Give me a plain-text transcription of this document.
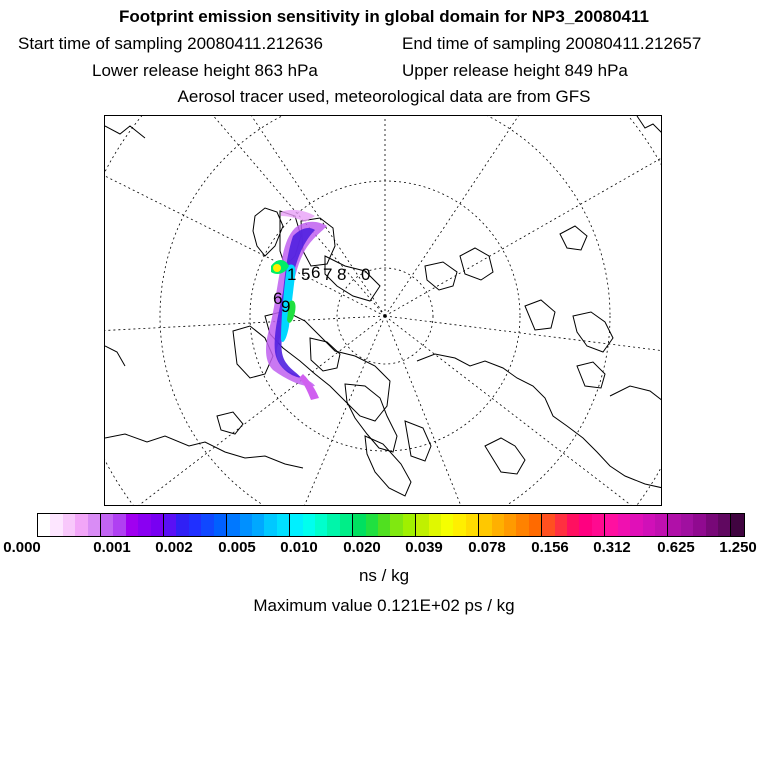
Footprint emission sensitivity in global domain for NP3_20080411
Start time of sampling 20080411.212636	End time of sampling 20080411.212657
Lower release height 863 hPa	Upper release height 849 hPa
Aerosol tracer used, meteorological data are from GFS
1 5 6 7 8 0
6
9
0.000	0.001 0.002 0.005 0.010 0.020 0.039 0.078 0.156 0.312 0.625 1.250
ns / kg
Maximum value 0.121E+02 ps / kg
